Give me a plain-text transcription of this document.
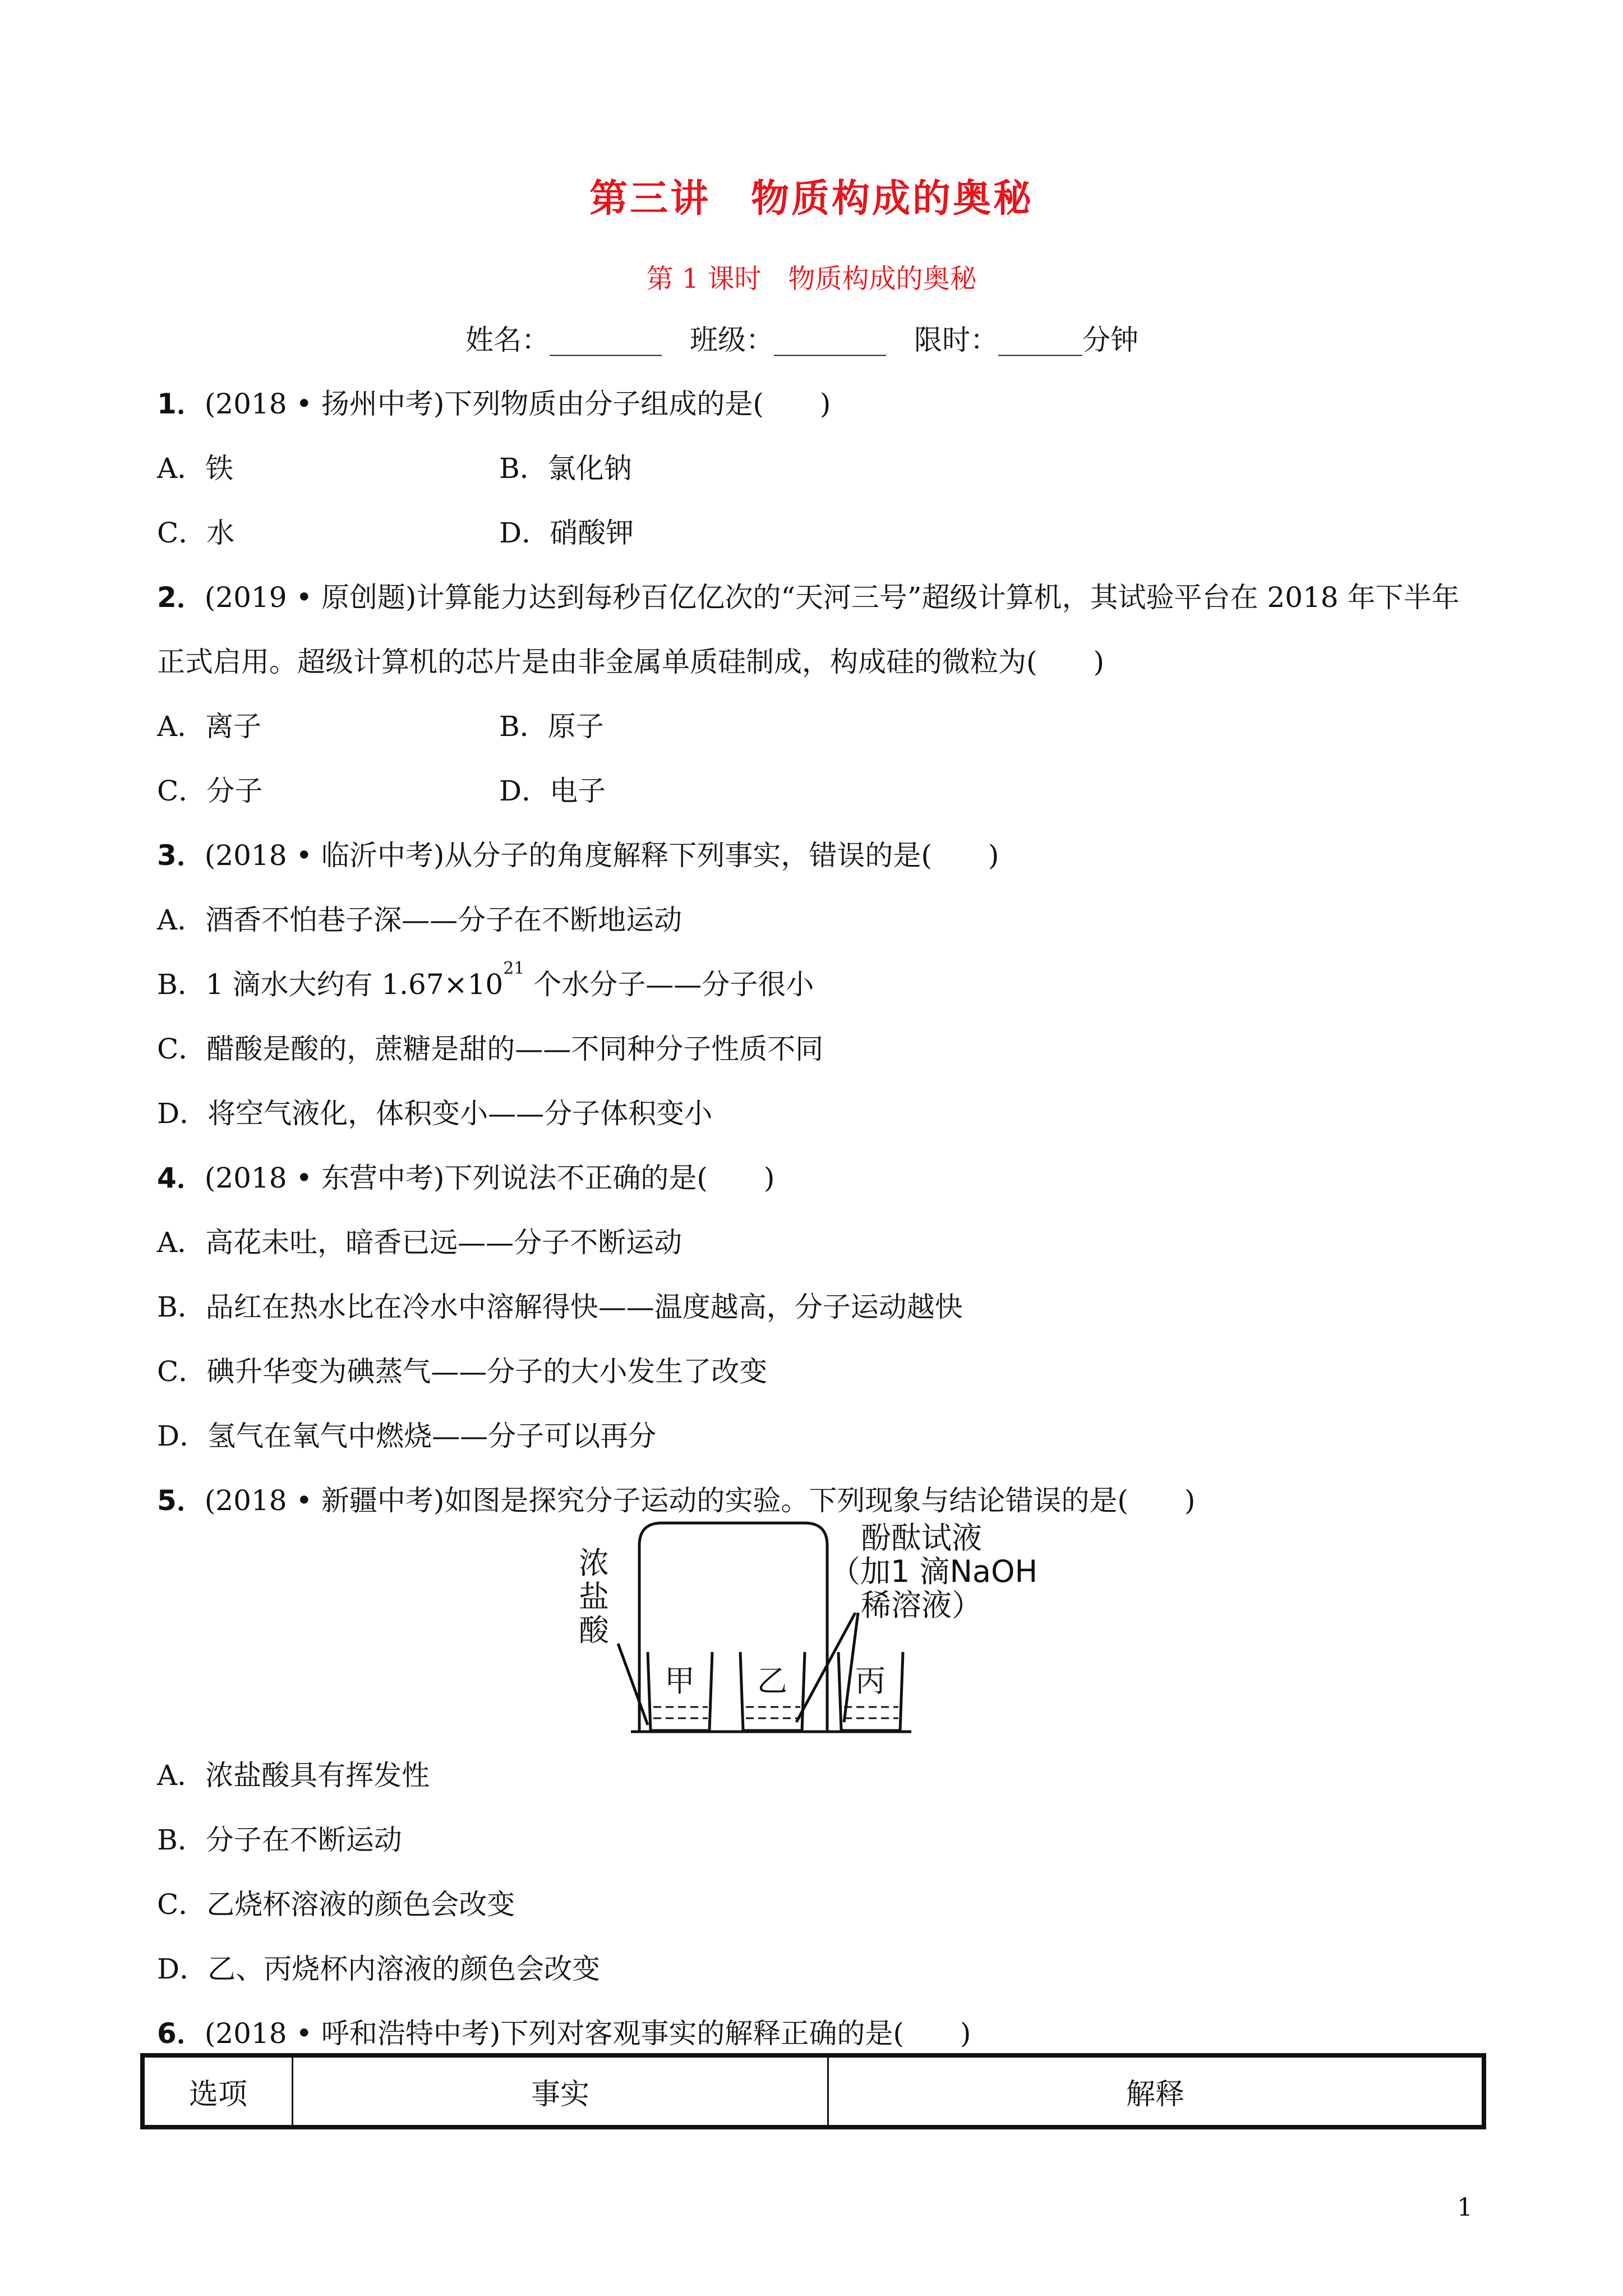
第三讲　物质构成的奥秘
第 1 课时　物质构成的奥秘
姓名：________　班级：________　限时：______分钟
1．(2018 • 扬州中考)下列物质由分子组成的是(　　)
A．铁	B．氯化钠
C．水	D．硝酸钾
2．(2019 • 原创题)计算能力达到每秒百亿亿次的“天河三号”超级计算机，其试验平台在 2018 年下半年
正式启用。超级计算机的芯片是由非金属单质硅制成，构成硅的微粒为(　　)
A．离子	B．原子
C．分子	D．电子
3．(2018 • 临沂中考)从分子的角度解释下列事实，错误的是(　　)
A．酒香不怕巷子深——分子在不断地运动
B．1 滴水大约有 $1.67\times 10^{21}$ 个水分子——分子很小
C．醋酸是酸的，蔗糖是甜的——不同种分子性质不同
D．将空气液化，体积变小——分子体积变小
4．(2018 • 东营中考)下列说法不正确的是(　　)
A．高花未吐，暗香已远——分子不断运动
B．品红在热水比在冷水中溶解得快——温度越高，分子运动越快
C．碘升华变为碘蒸气——分子的大小发生了改变
D．氢气在氧气中燃烧——分子可以再分
5．(2018 • 新疆中考)如图是探究分子运动的实验。下列现象与结论错误的是(　　)
浓
盐
酸
甲 乙 丙
酚酞试液
（加1 滴NaOH
稀溶液）
A．浓盐酸具有挥发性
B．分子在不断运动
C．乙烧杯溶液的颜色会改变
D．乙、丙烧杯内溶液的颜色会改变
6．(2018 • 呼和浩特中考)下列对客观事实的解释正确的是(　　)
选项	事实	解释
1
